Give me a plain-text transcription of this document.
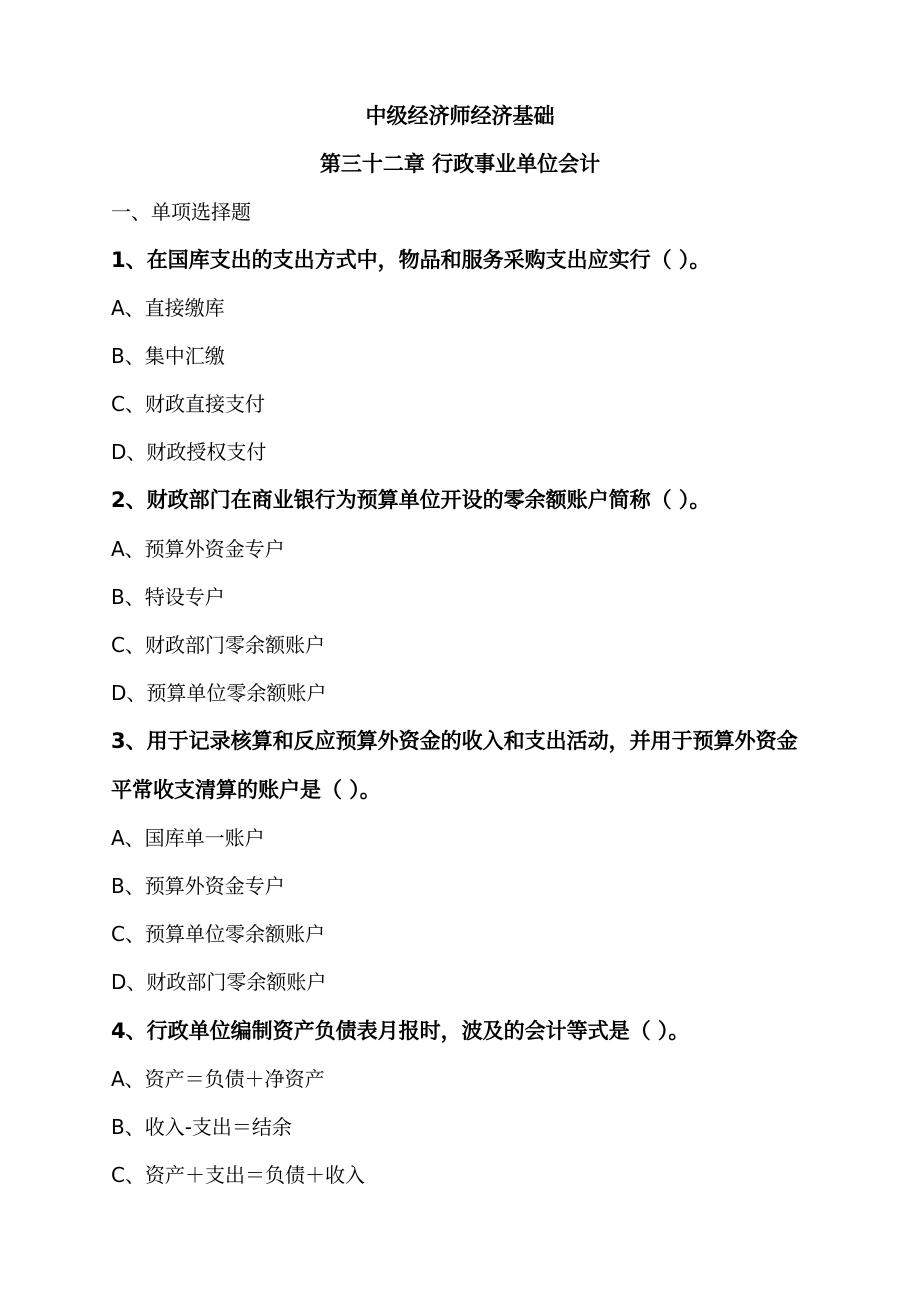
中级经济师经济基础
第三十二章 行政事业单位会计
一、单项选择题
1、在国库支出的支出方式中，物品和服务采购支出应实行（ ）。
A、直接缴库
B、集中汇缴
C、财政直接支付
D、财政授权支付
2、财政部门在商业银行为预算单位开设的零余额账户简称（ ）。
A、预算外资金专户
B、特设专户
C、财政部门零余额账户
D、预算单位零余额账户
3、用于记录核算和反应预算外资金的收入和支出活动，并用于预算外资金
平常收支清算的账户是（ ）。
A、国库单一账户
B、预算外资金专户
C、预算单位零余额账户
D、财政部门零余额账户
4、行政单位编制资产负债表月报时，波及的会计等式是（ ）。
A、资产＝负债＋净资产
B、收入-支出＝结余
C、资产＋支出＝负债＋收入
